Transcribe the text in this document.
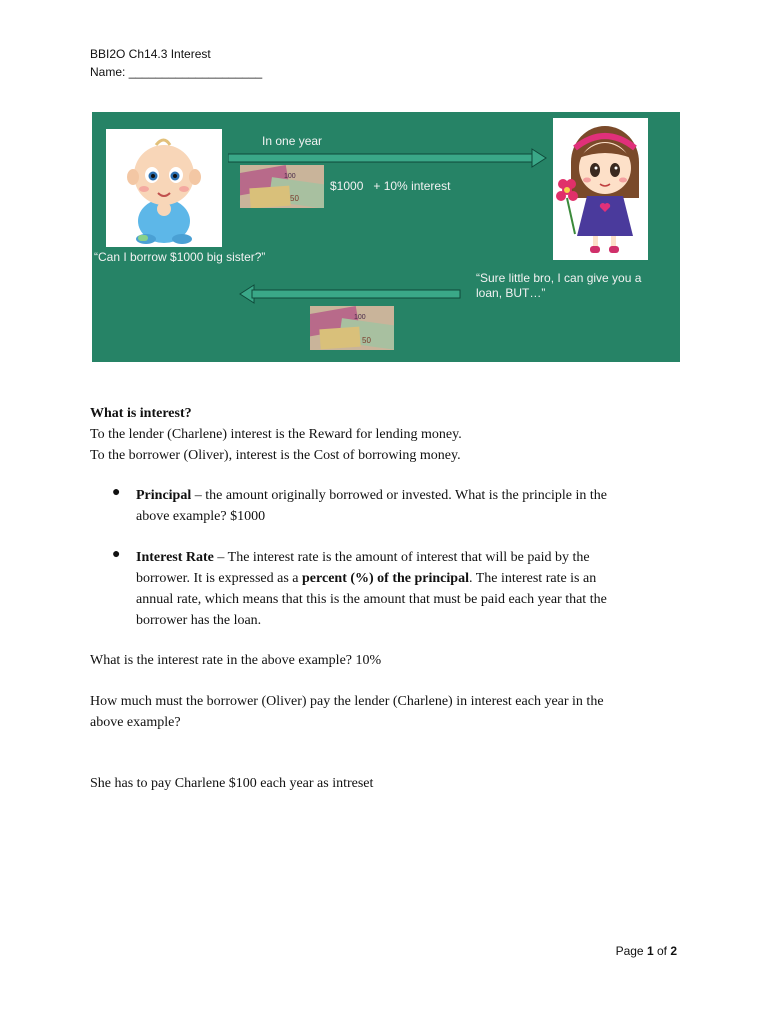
BBI2O Ch14.3 Interest
Name: ____________________
In one year
50
100
$1000   + 10% interest
“Can I borrow $1000 big sister?”
“Sure little bro, I can give you a
loan, BUT…”
50
100
What is interest?
To the lender (Charlene) interest is the Reward for lending money.
To the borrower (Oliver), interest is the Cost of borrowing money.
● Principal – the amount originally borrowed or invested. What is the principle in the
above example? $1000
● Interest Rate – The interest rate is the amount of interest that will be paid by the
borrower. It is expressed as a percent (%) of the principal. The interest rate is an
annual rate, which means that this is the amount that must be paid each year that the
borrower has the loan.
What is the interest rate in the above example? 10%
How much must the borrower (Oliver) pay the lender (Charlene) in interest each year in the
above example?
She has to pay Charlene $100 each year as intreset
Page 1 of 2
